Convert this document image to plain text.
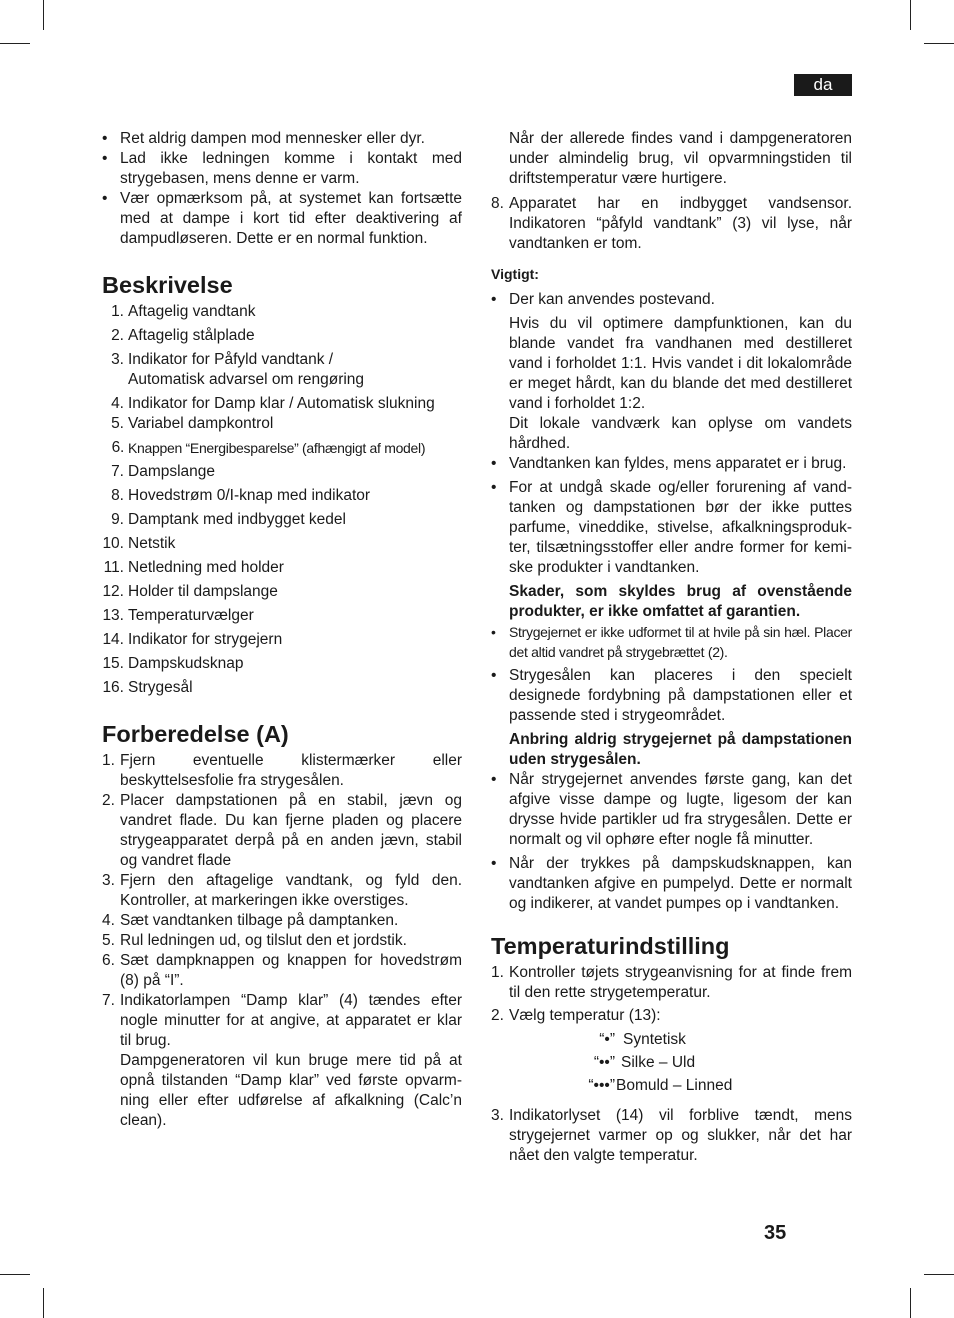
da
35

• Ret aldrig dampen mod mennesker eller dyr.

• Lad ikke ledningen komme i kontakt med strygebasen, mens denne er varm.

• Vær opmærksom på, at systemet kan fortsætte med at dampe i kort tid efter deaktivering af dampudløseren. Dette er en normal funktion.

Beskrivelse

1. Aftagelig vandtank

2. Aftagelig stålplade

3. Indikator for Påfyld vandtank /

Automatisk advarsel om rengøring

4. Indikator for Damp klar / Automatisk slukning

5. Variabel dampkontrol

6. Knappen “Energibesparelse” (afhængigt af model)

7. Dampslange

8. Hovedstrøm 0/I-knap med indikator

9. Damptank med indbygget kedel

10. Netstik

11. Netledning med holder

12. Holder til dampslange

13. Temperaturvælger

14. Indikator for strygejern

15. Dampskudsknap

16. Strygesål

Forberedelse (A)

1. Fjern eventuelle klistermærker eller beskyttelsesfolie fra strygesålen.

2. Placer dampstationen på en stabil, jævn og vandret flade. Du kan fjerne pladen og placere strygeapparatet derpå på en anden jævn, stabil og vandret flade

3. Fjern den aftagelige vandtank, og fyld den. Kontroller, at markeringen ikke overstiges.

4. Sæt vandtanken tilbage på damptanken.

5. Rul ledningen ud, og tilslut den et jordstik.

6. Sæt dampknappen og knappen for hovedstrøm (8) på “I”.

7. Indikatorlampen “Damp klar” (4) tændes efter nogle minutter for at angive, at apparatet er klar til brug.

Dampgeneratoren vil kun bruge mere tid på at opnå tilstanden “Damp klar” ved første opvarmning eller efter udførelse af afkalkning (Calc’n clean).

Når der allerede findes vand i dampgeneratoren under almindelig brug, vil opvarmningstiden til driftstemperatur være hurtigere.

8. Apparatet har en indbygget vandsensor. Indikatoren “påfyld vandtank” (3) vil lyse, når vandtanken er tom.

Vigtigt:

• Der kan anvendes postevand.

Hvis du vil optimere dampfunktionen, kan du blande vandet fra vandhanen med destilleret vand i forholdet 1:1. Hvis vandet i dit lokalområde er meget hårdt, kan du blande det med destilleret vand i forholdet 1:2.

Dit lokale vandværk kan oplyse om vandets hårdhed.

• Vandtanken kan fyldes, mens apparatet er i brug.

• For at undgå skade og/eller forurening af vandtanken og dampstationen bør der ikke puttes parfume, vineddike, stivelse, afkalkningsprodukter, tilsætningsstoffer eller andre former for kemiske produkter i vandtanken.

Skader, som skyldes brug af ovenstående produkter, er ikke omfattet af garantien.

• Strygejernet er ikke udformet til at hvile på sin hæl. Placer det altid vandret på strygebrættet (2).

• Strygesålen kan placeres i den specielt designede fordybning på dampstationen eller et passende sted i strygeområdet.

Anbring aldrig strygejernet på dampstationen uden strygesålen.

• Når strygejernet anvendes første gang, kan det afgive visse dampe og lugte, ligesom der kan drysse hvide partikler ud fra strygesålen. Dette er normalt og vil ophøre efter nogle få minutter.

• Når der trykkes på dampskudsknappen, kan vandtanken afgive en pumpelyd. Dette er normalt og indikerer, at vandet pumpes op i vandtanken.

Temperaturindstilling

1. Kontroller tøjets strygeanvisning for at finde frem til den rette strygetemperatur.

2. Vælg temperatur (13):

“•” Syntetisk
“••” Silke – Uld
“•••”Bomuld – Linned

3. Indikatorlyset (14) vil forblive tændt, mens strygejernet varmer op og slukker, når det har nået den valgte temperatur.
